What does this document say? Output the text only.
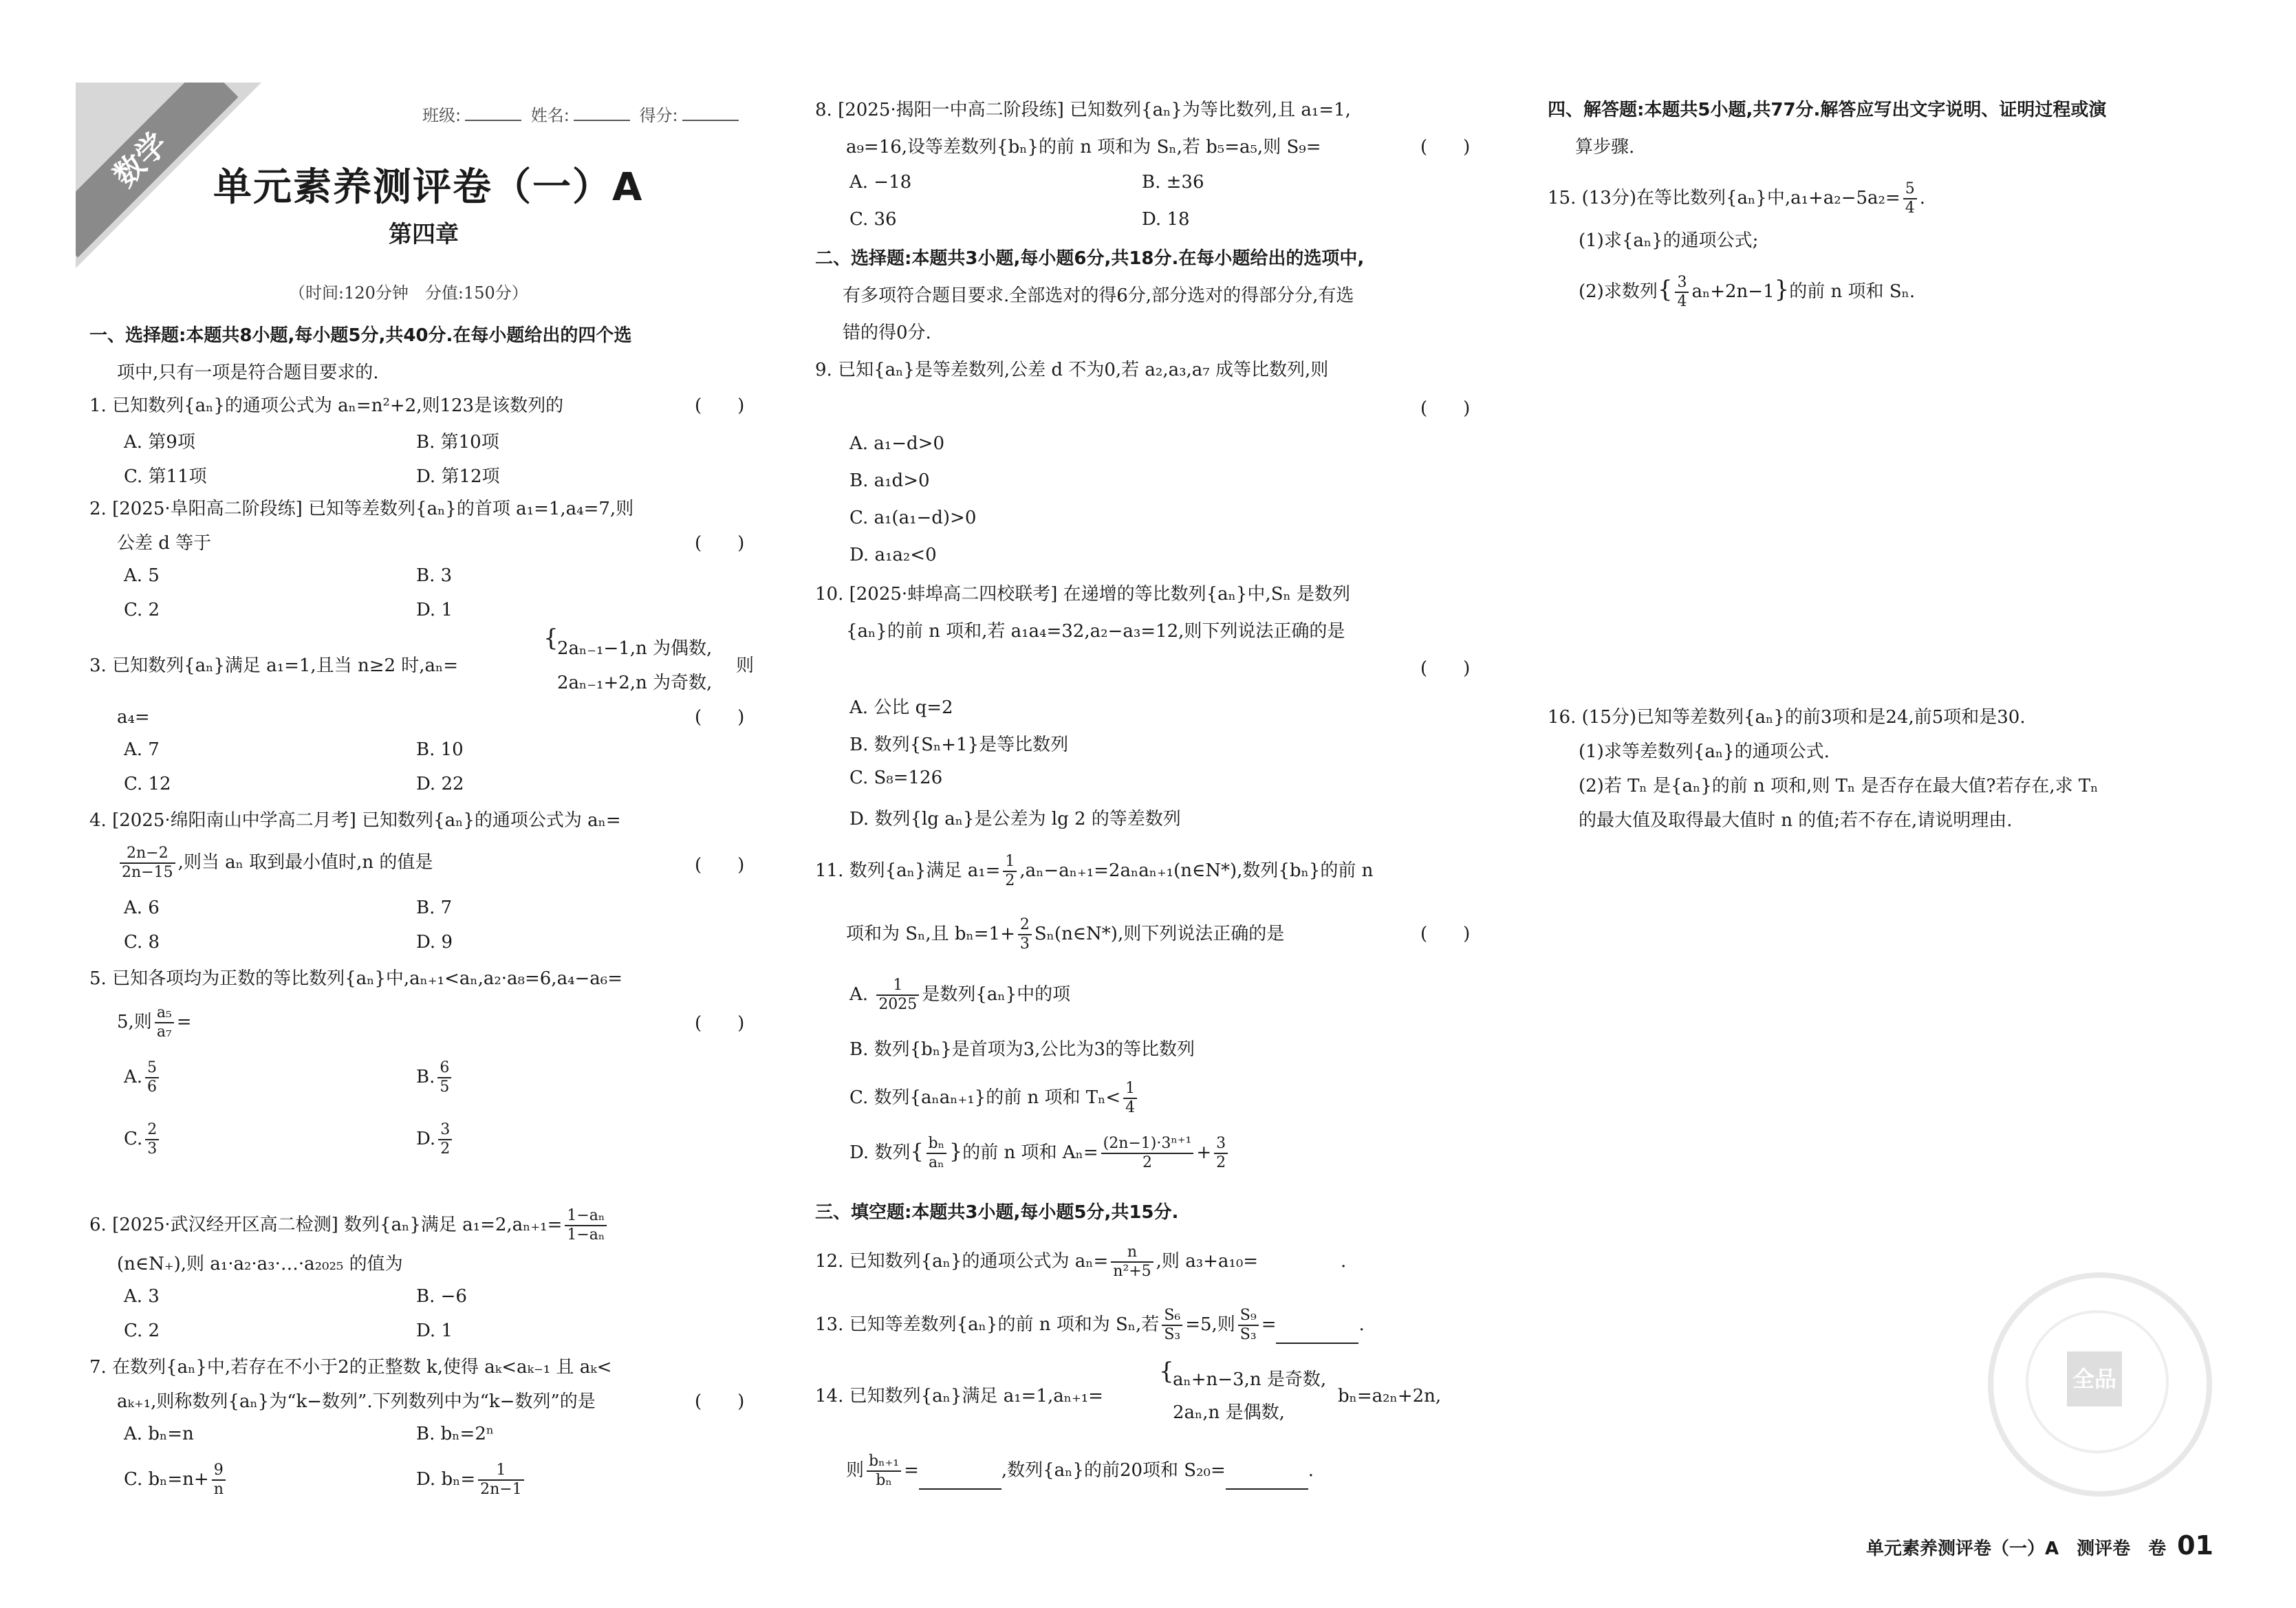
数学
班级:	姓名:	得分:
单元素养测评卷（一）A
第四章
（时间:120分钟　分值:150分）
一、选择题:本题共8小题,每小题5分,共40分.在每小题给出的四个选
项中,只有一项是符合题目要求的.
1. 已知数列{aₙ}的通项公式为 aₙ=n²+2,则123是该数列的	(　　)
A. 第9项	B. 第10项
C. 第11项	D. 第12项
2. [2025·阜阳高二阶段练] 已知等差数列{aₙ}的首项 a₁=1,a₄=7,则
公差 d 等于	(　　)
A. 5	B. 3
C. 2	D. 1
3. 已知数列{aₙ}满足 a₁=1,且当 n≥2 时,aₙ=
{
2aₙ₋₁−1,n 为偶数,
2aₙ₋₁+2,n 为奇数,
则
a₄=	(　　)
A. 7	B. 10
C. 12	D. 22
4. [2025·绵阳南山中学高二月考] 已知数列{aₙ}的通项公式为 aₙ=
$\frac{2n-2}{2n-15}$ ,则当 aₙ 取到最小值时,n 的值是	(　　)
A. 6	B. 7
C. 8	D. 9
5. 已知各项均为正数的等比数列{aₙ}中,aₙ₊₁<aₙ,a₂·a₈=6,a₄−a₆=
5,则 $\frac{\text{a₅}}{\text{a₇}}$ =	(　　)
A. $\frac{5}{6}$	B. $\frac{6}{5}$
C. $\frac{2}{3}$	D. $\frac{3}{2}$
6. [2025·武汉经开区高二检测] 数列{aₙ}满足 $a_1=2,a_{n+1}= \frac{\text{1−aₙ}}{\text{1−aₙ}}$
(n∈N₊),则 a₁·a₂·a₃·…·a₂₀₂₅ 的值为
A. 3	B. −6
C. 2	D. 1
7. 在数列{aₙ}中,若存在不小于2的正整数 k,使得 aₖ<aₖ₋₁ 且 aₖ<
aₖ₊₁,则称数列{aₙ}为“k−数列”.下列数列中为“k−数列”的是	(　　)
A. bₙ=n	B. bₙ=2ⁿ
C. $b_n=n+ \frac{9}{n}$	D. $b_n= \frac{1}{2n-1}$
8. [2025·揭阳一中高二阶段练] 已知数列{aₙ}为等比数列,且 a₁=1,
a₉=16,设等差数列{bₙ}的前 n 项和为 Sₙ,若 b₅=a₅,则 S₉=	(　　)
A. −18	B. ±36
C. 36	D. 18
二、选择题:本题共3小题,每小题6分,共18分.在每小题给出的选项中,
有多项符合题目要求.全部选对的得6分,部分选对的得部分分,有选
错的得0分.
9. 已知{aₙ}是等差数列,公差 d 不为0,若 a₂,a₃,a₇ 成等比数列,则
(　　)
A. a₁−d>0
B. a₁d>0
C. a₁(a₁−d)>0
D. a₁a₂<0
10. [2025·蚌埠高二四校联考] 在递增的等比数列{aₙ}中,Sₙ 是数列
{aₙ}的前 n 项和,若 a₁a₄=32,a₂−a₃=12,则下列说法正确的是
(　　)
A. 公比 q=2
B. 数列{Sₙ+1}是等比数列
C. S₈=126
D. 数列{lg aₙ}是公差为 lg 2 的等差数列
11. 数列{aₙ}满足 $a_1= \frac{1}{2}$ ,aₙ−aₙ₊₁=2aₙaₙ₊₁(n∈N*),数列{bₙ}的前 n
项和为 Sₙ,且 $b_n=1+ \frac{2}{3}$ Sₙ(n∈N*),则下列说法正确的是	(　　)
A. $\frac{1}{2025}$ 是数列{aₙ}中的项
B. 数列{bₙ}是首项为3,公比为3的等比数列
C. 数列{aₙaₙ₊₁}的前 n 项和 $T_n< \frac{1}{4}$
D. 数列{ $\frac{\text{bₙ}}{\text{aₙ}}$ }的前 n 项和 $A_n= \frac{\text{(2n−1)·3ⁿ⁺¹}}{2} + \frac{3}{2}$
三、填空题:本题共3小题,每小题5分,共15分.
12. 已知数列{aₙ}的通项公式为 $a_n= \frac{n}{\text{n²+5}}$ ,则 a₃+a₁₀=	.
13. 已知等差数列{aₙ}的前 n 项和为 Sₙ,若 $\frac{\text{S₆}}{\text{S₃}} =5$,则 $\frac{\text{S₉}}{\text{S₃}}$ =	.
14. 已知数列{aₙ}满足 a₁=1,aₙ₊₁=
{
aₙ+n−3,n 是奇数,
2aₙ,n 是偶数,
bₙ=a₂ₙ+2n,
则 $\frac{\text{bₙ₊₁}}{\text{bₙ}}$ =	,数列{aₙ}的前20项和 S₂₀=	.
四、解答题:本题共5小题,共77分.解答应写出文字说明、证明过程或演
算步骤.
15. (13分)在等比数列{aₙ}中$,a_1+a_2-5a_2= \frac{5}{4}$ .
(1)求{aₙ}的通项公式;
(2)求数列{ $\frac{3}{4} a_n+2n-1$}的前 n 项和 Sₙ.
16. (15分)已知等差数列{aₙ}的前3项和是24,前5项和是30.
(1)求等差数列{aₙ}的通项公式.
(2)若 Tₙ 是{aₙ}的前 n 项和,则 Tₙ 是否存在最大值?若存在,求 Tₙ
的最大值及取得最大值时 n 的值;若不存在,请说明理由.
全品
单元素养测评卷（一）A　测评卷　卷 01
